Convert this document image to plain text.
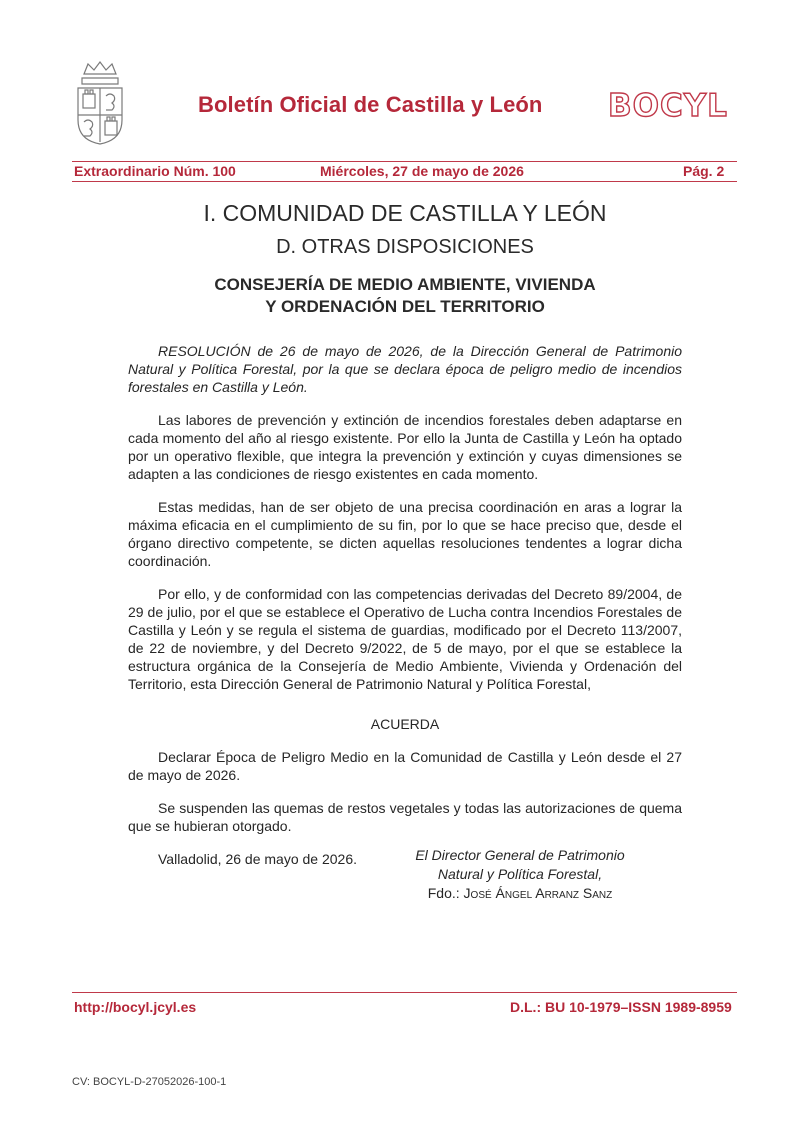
Boletín Oficial de Castilla y León BOCYL
Extraordinario Núm. 100	Miércoles, 27 de mayo de 2026	Pág. 2
I. COMUNIDAD DE CASTILLA Y LEÓN
D. OTRAS DISPOSICIONES
CONSEJERÍA DE MEDIO AMBIENTE, VIVIENDA
Y ORDENACIÓN DEL TERRITORIO

RESOLUCIÓN de 26 de mayo de 2026, de la Dirección General de Patrimonio Natural y Política Forestal, por la que se declara época de peligro medio de incendios forestales en Castilla y León.

Las labores de prevención y extinción de incendios forestales deben adaptarse en cada momento del año al riesgo existente. Por ello la Junta de Castilla y León ha optado por un operativo flexible, que integra la prevención y extinción y cuyas dimensiones se adapten a las condiciones de riesgo existentes en cada momento.

Estas medidas, han de ser objeto de una precisa coordinación en aras a lograr la máxima eficacia en el cumplimiento de su fin, por lo que se hace preciso que, desde el órgano directivo competente, se dicten aquellas resoluciones tendentes a lograr dicha coordinación.

Por ello, y de conformidad con las competencias derivadas del Decreto 89/2004, de 29 de julio, por el que se establece el Operativo de Lucha contra Incendios Forestales de Castilla y León y se regula el sistema de guardias, modificado por el Decreto 113/2007, de 22 de noviembre, y del Decreto 9/2022, de 5 de mayo, por el que se establece la estructura orgánica de la Consejería de Medio Ambiente, Vivienda y Ordenación del Territorio, esta Dirección General de Patrimonio Natural y Política Forestal,

ACUERDA

Declarar Época de Peligro Medio en la Comunidad de Castilla y León desde el 27 de mayo de 2026.

Se suspenden las quemas de restos vegetales y todas las autorizaciones de quema que se hubieran otorgado.

Valladolid, 26 de mayo de 2026.	El Director General de Patrimonio
Natural y Política Forestal,
Fdo.: José Ángel Arranz Sanz
http://bocyl.jcyl.es	D.L.: BU 10-1979–ISSN 1989-8959
CV: BOCYL-D-27052026-100-1
